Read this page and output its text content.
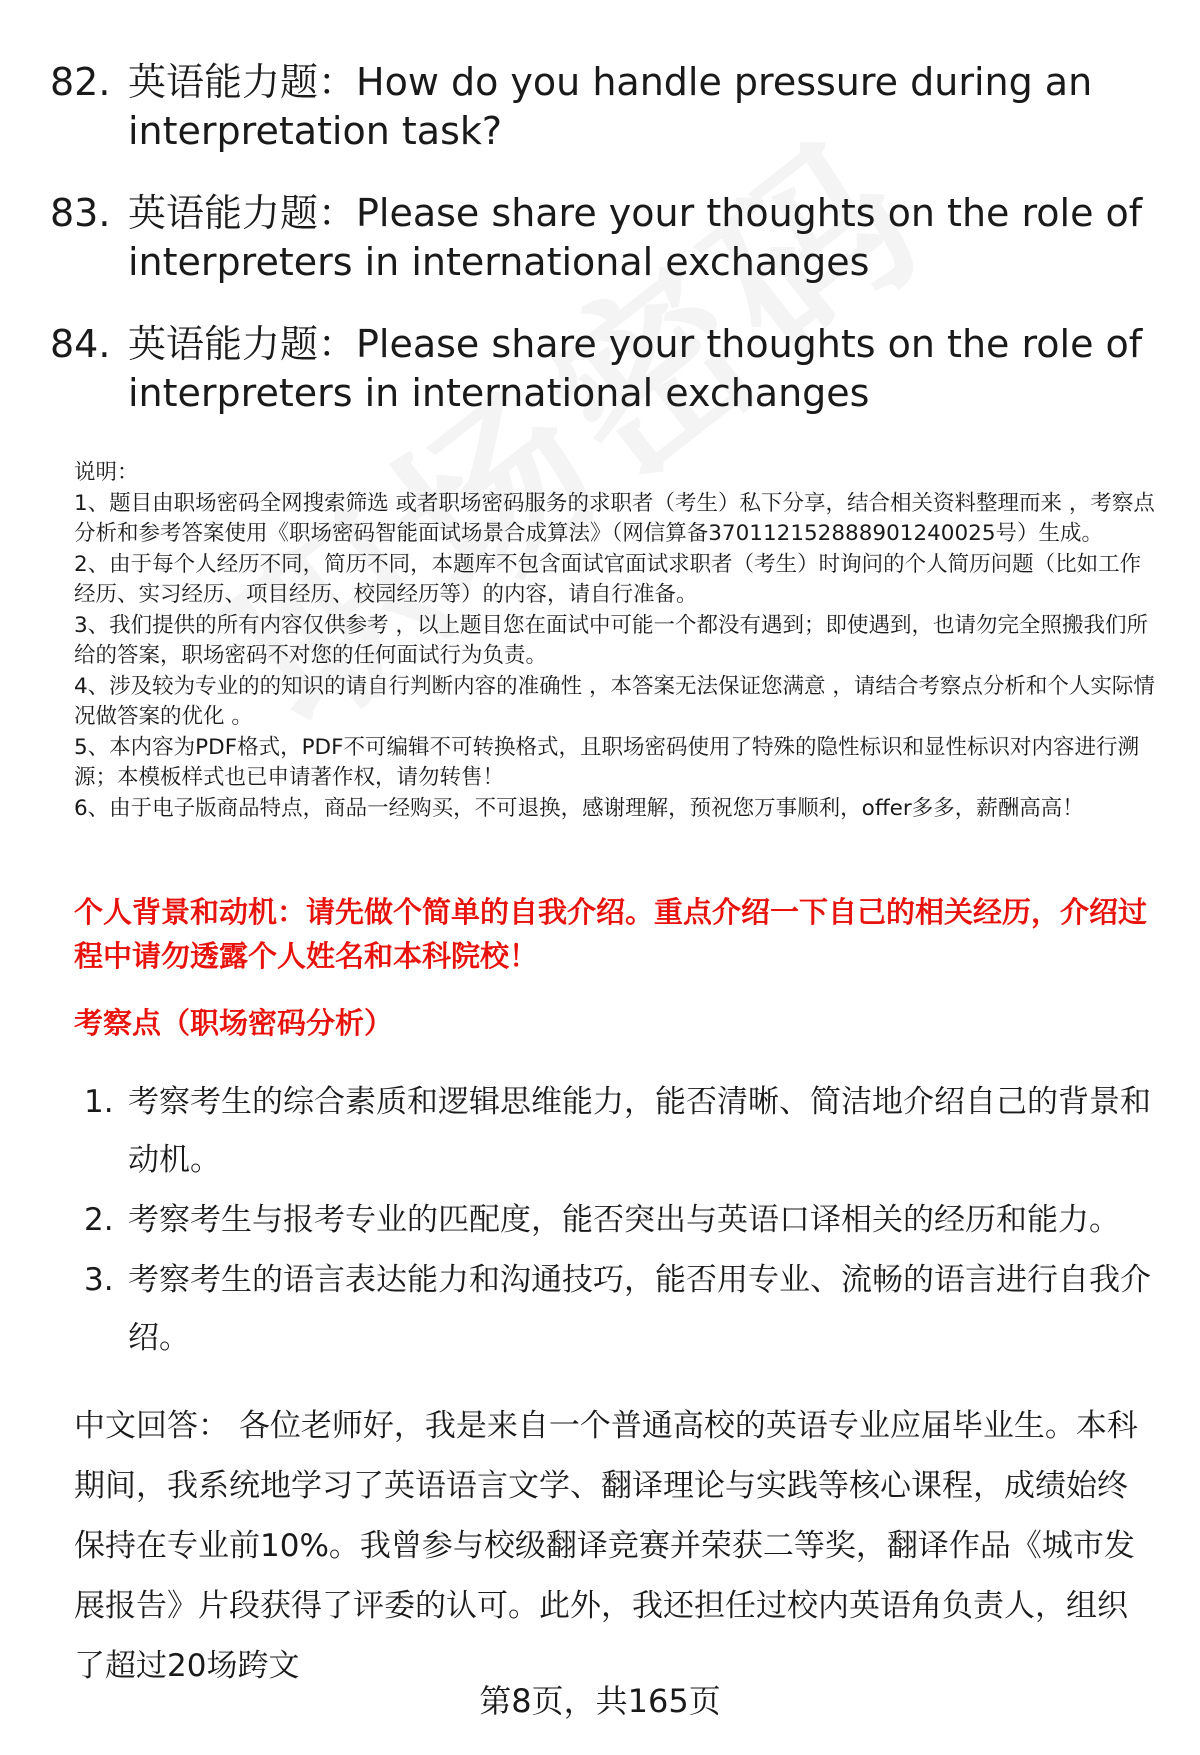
82. 英语能力题：How do you handle pressure during an interpretation task?
83. 英语能力题：Please share your thoughts on the role of interpreters in international exchanges
84. 英语能力题：Please share your thoughts on the role of interpreters in international exchanges

说明：

1、题目由职场密码全网搜索筛选 或者职场密码服务的求职者（考生）私下分享，结合相关资料整理而来 ，考察点分析和参考答案使用《职场密码智能面试场景合成算法》（网信算备370112152888901240025号）生成。

2、由于每个人经历不同，简历不同，本题库不包含面试官面试求职者（考生）时询问的个人简历问题（比如工作经历、实习经历、项目经历、校园经历等）的内容，请自行准备。

3、我们提供的所有内容仅供参考 ，以上题目您在面试中可能一个都没有遇到；即使遇到，也请勿完全照搬我们所给的答案，职场密码不对您的任何面试行为负责。

4、涉及较为专业的的知识的请自行判断内容的准确性 ，本答案无法保证您满意 ，请结合考察点分析和个人实际情况做答案的优化 。

5、本内容为PDF格式，PDF不可编辑不可转换格式，且职场密码使用了特殊的隐性标识和显性标识对内容进行溯源；本模板样式也已申请著作权，请勿转售！

6、由于电子版商品特点，商品一经购买，不可退换，感谢理解，预祝您万事顺利，offer多多，薪酬高高！

个人背景和动机：请先做个简单的自我介绍。重点介绍一下自己的相关经历，介绍过程中请勿透露个人姓名和本科院校！
考察点（职场密码分析）
1. 考察考生的综合素质和逻辑思维能力，能否清晰、简洁地介绍自己的背景和动机。
2. 考察考生与报考专业的匹配度，能否突出与英语口译相关的经历和能力。
3. 考察考生的语言表达能力和沟通技巧，能否用专业、流畅的语言进行自我介绍。
中文回答： 各位老师好，我是来自一个普通高校的英语专业应届毕业生。本科期间，我系统地学习了英语语言文学、翻译理论与实践等核心课程，成绩始终保持在专业前10%。我曾参与校级翻译竞赛并荣获二等奖，翻译作品《城市发展报告》片段获得了评委的认可。此外，我还担任过校内英语角负责人，组织了超过20场跨文
第8页，共165页
